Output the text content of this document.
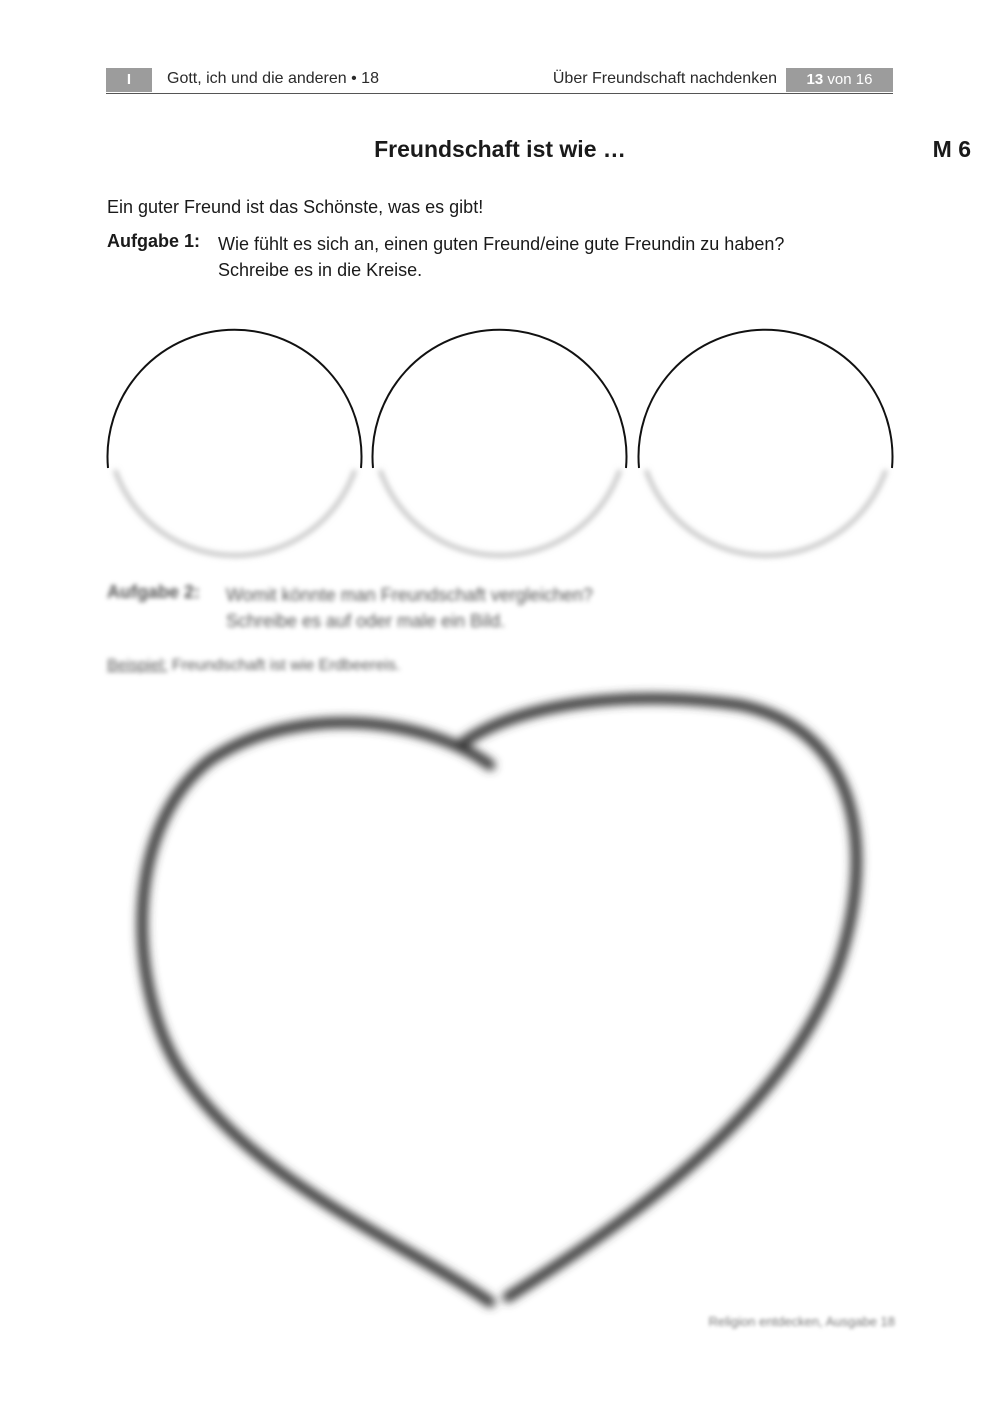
I	Gott, ich und die anderen • 18	Über Freundschaft nachdenken	13 von 16
Freundschaft ist wie …	M 6
Ein guter Freund ist das Schönste, was es gibt!
Aufgabe 1: Wie fühlt es sich an, einen guten Freund/eine gute Freundin zu haben?
Schreibe es in die Kreise.
Aufgabe 2: Womit könnte man Freundschaft vergleichen?
Schreibe es auf oder male ein Bild.
Beispiel: Freundschaft ist wie Erdbeereis.
Religion entdecken, Ausgabe 18
